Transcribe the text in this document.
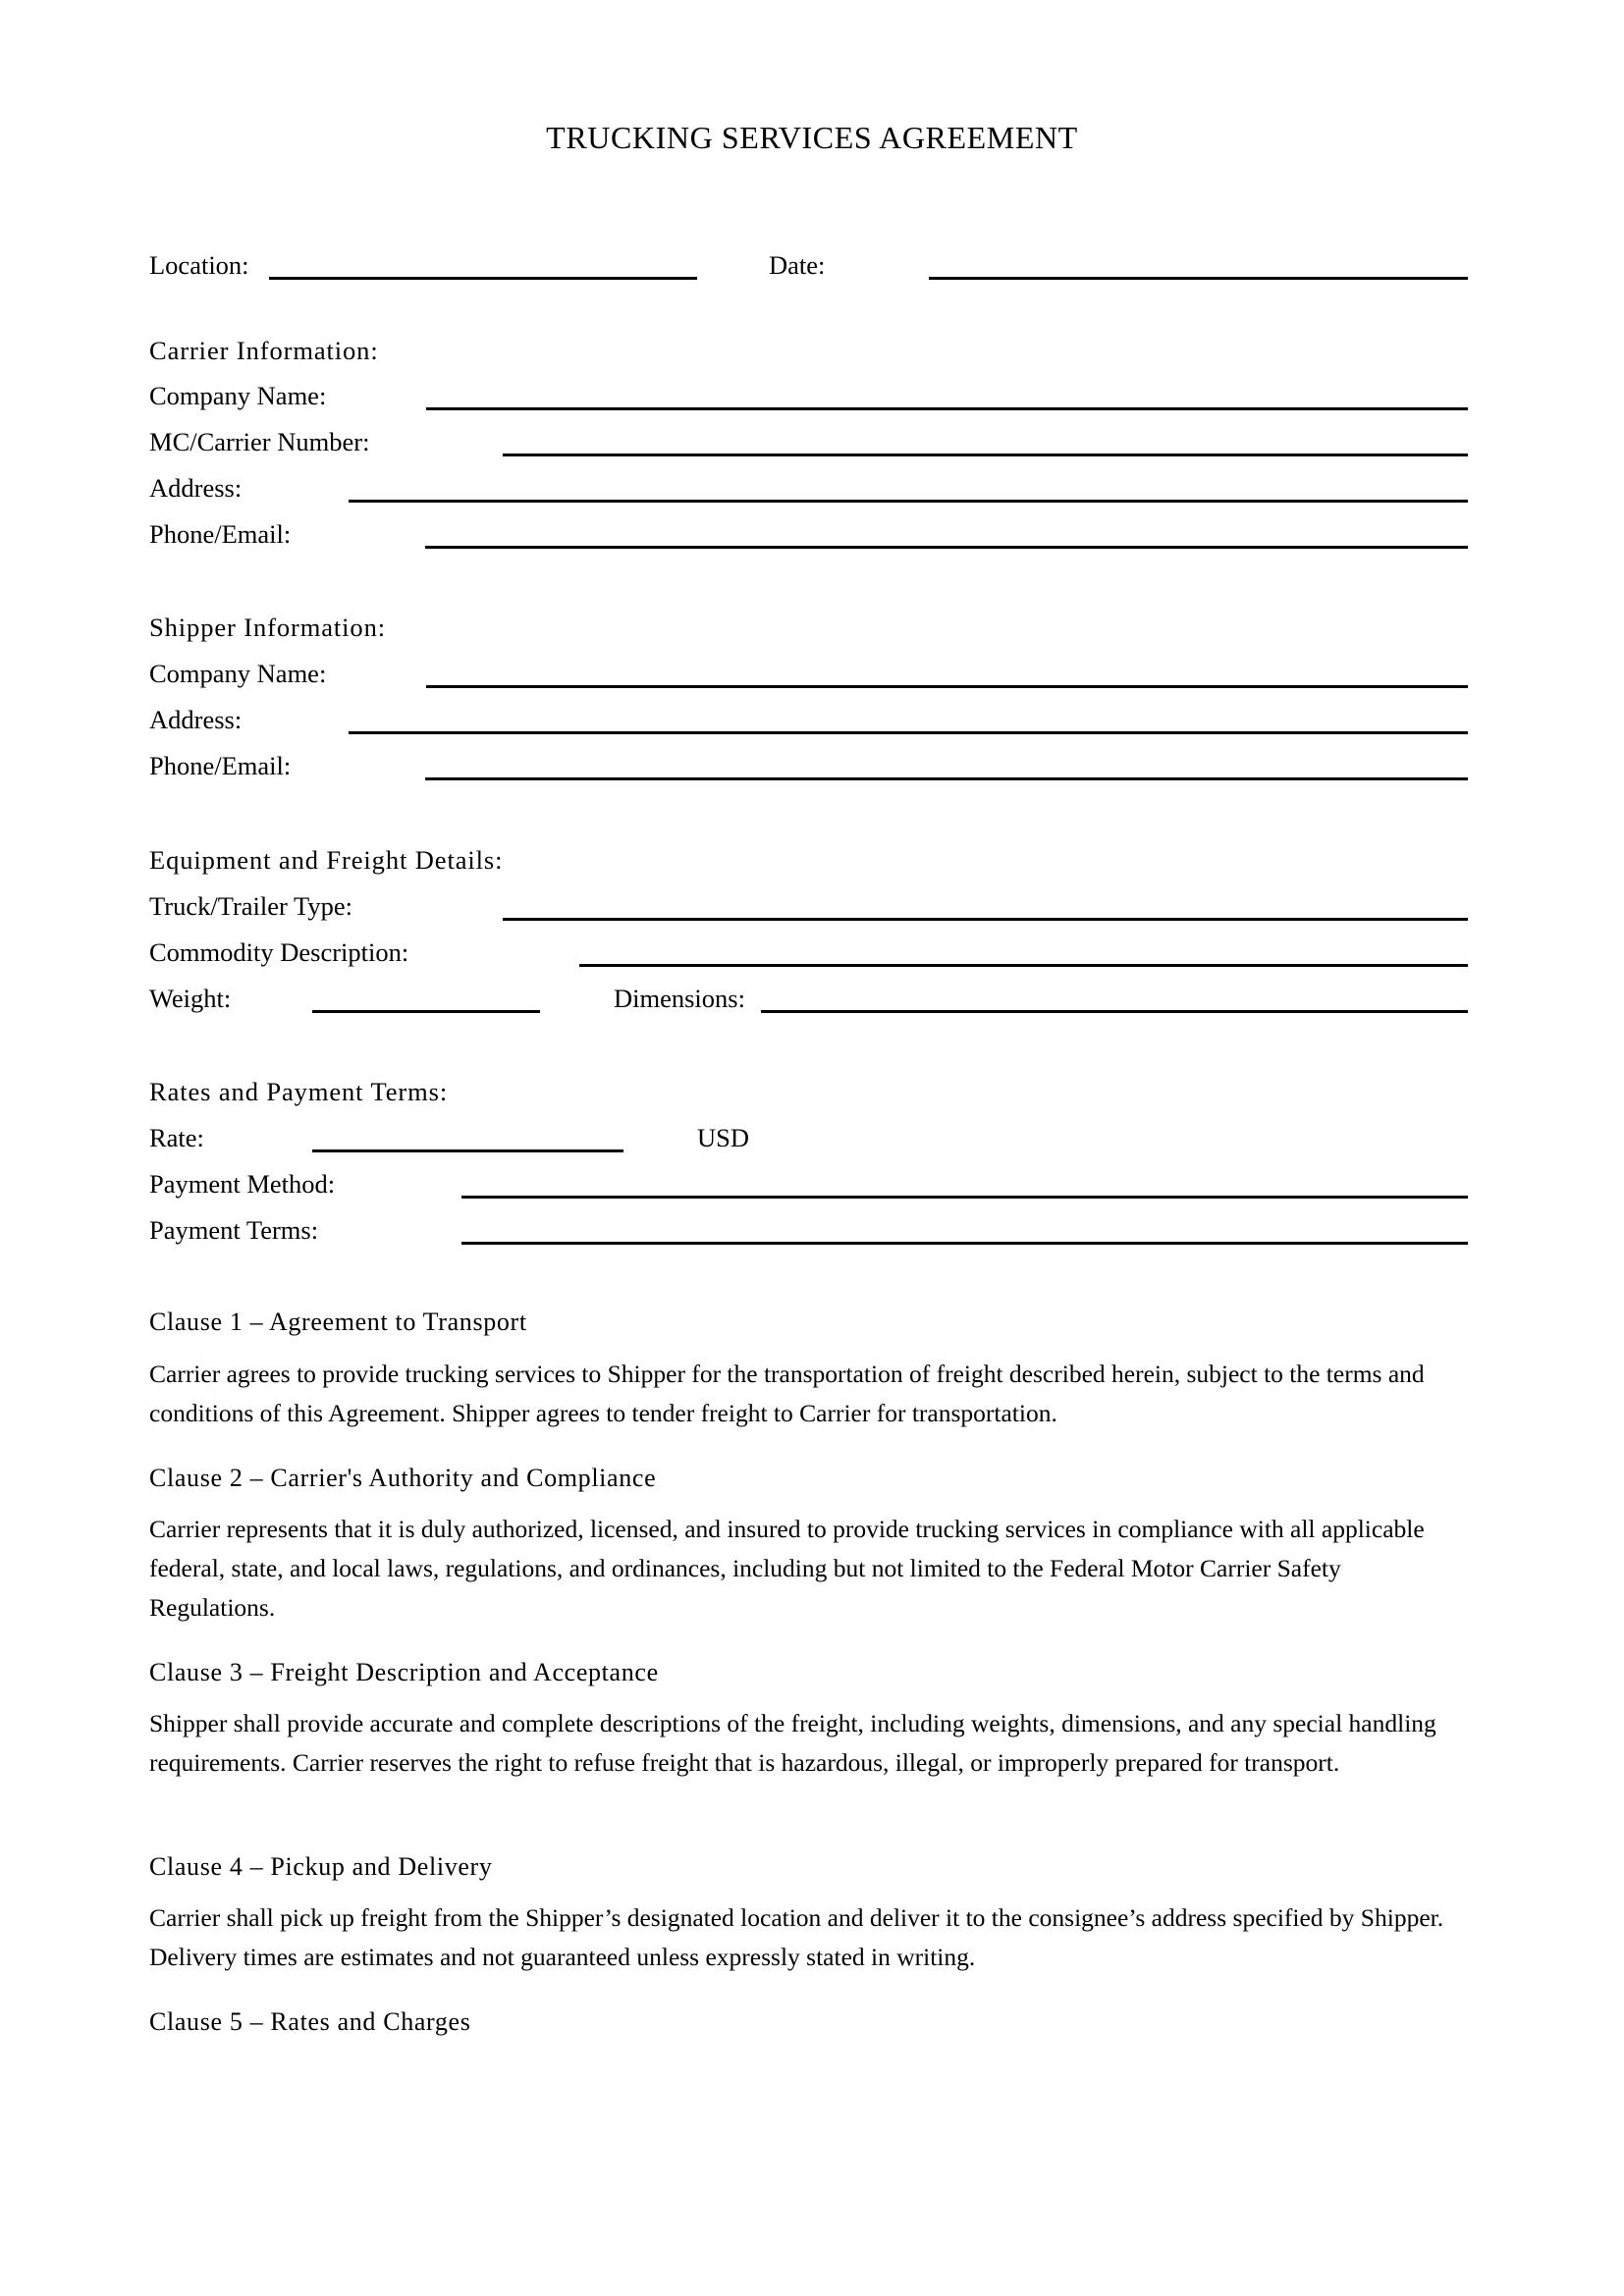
TRUCKING SERVICES AGREEMENT
Location:	Date:
Carrier Information:
Company Name:
MC/Carrier Number:
Address:
Phone/Email:
Shipper Information:
Company Name:
Address:
Phone/Email:
Equipment and Freight Details:
Truck/Trailer Type:
Commodity Description:
Weight:	Dimensions:
Rates and Payment Terms:
Rate:	USD
Payment Method:
Payment Terms:
Clause 1 – Agreement to Transport
Carrier agrees to provide trucking services to Shipper for the transportation of freight described herein, subject to the terms and conditions of this Agreement. Shipper agrees to tender freight to Carrier for transportation.
Clause 2 – Carrier's Authority and Compliance
Carrier represents that it is duly authorized, licensed, and insured to provide trucking services in compliance with all applicable federal, state, and local laws, regulations, and ordinances, including but not limited to the Federal Motor Carrier Safety Regulations.
Clause 3 – Freight Description and Acceptance
Shipper shall provide accurate and complete descriptions of the freight, including weights, dimensions, and any special handling requirements. Carrier reserves the right to refuse freight that is hazardous, illegal, or improperly prepared for transport.
Clause 4 – Pickup and Delivery
Carrier shall pick up freight from the Shipper’s designated location and deliver it to the consignee’s address specified by Shipper. Delivery times are estimates and not guaranteed unless expressly stated in writing.
Clause 5 – Rates and Charges
